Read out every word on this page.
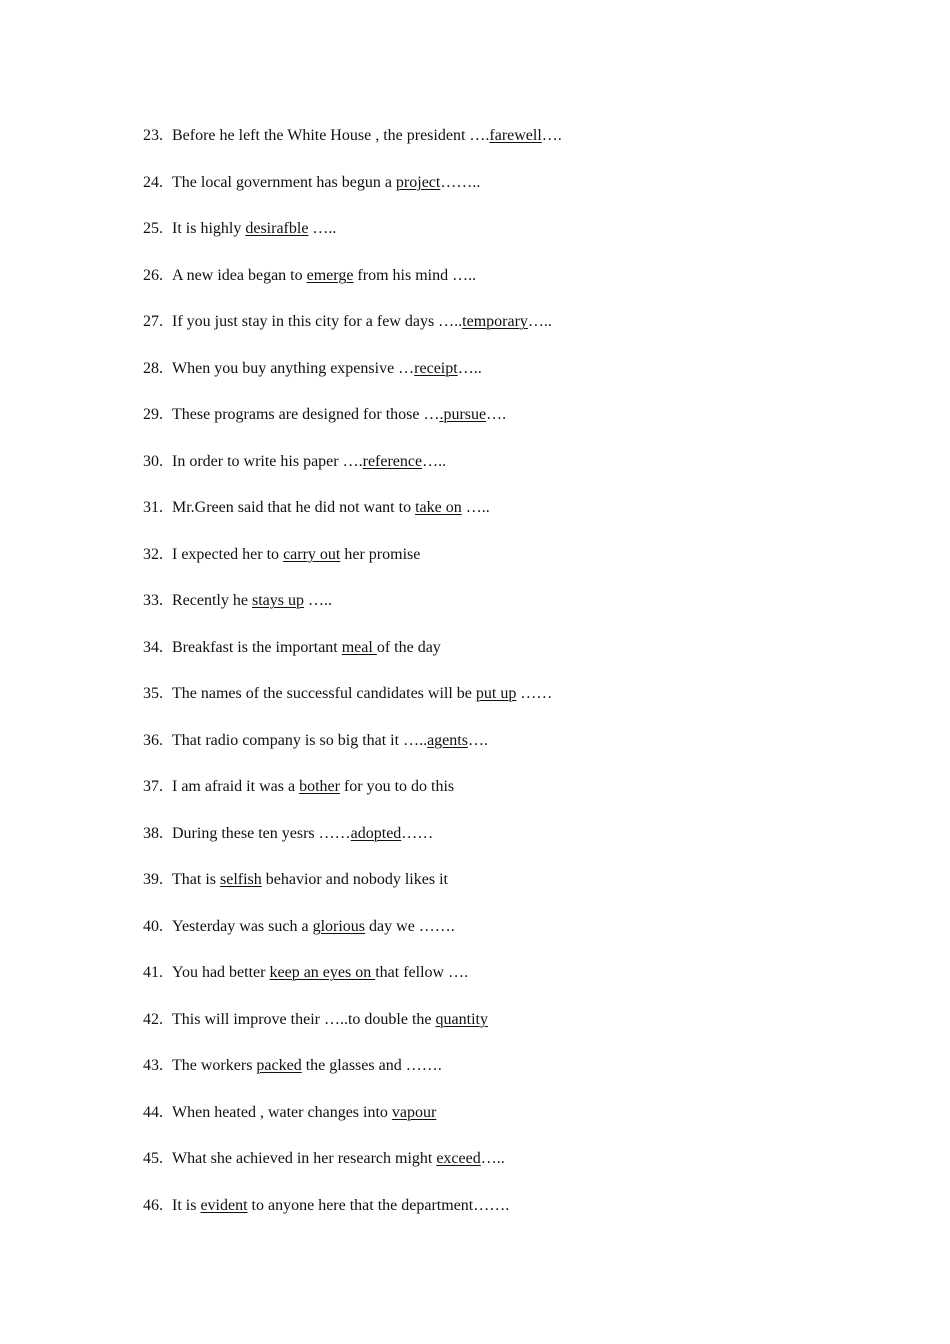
23. Before he left the White House , the president ….farewell….
24. The local government has begun a project……..
25. It is highly desirafble …..
26. A new idea began to emerge from his mind …..
27. If you just stay in this city for a few days …..temporary…..
28. When you buy anything expensive …receipt…..
29. These programs are designed for those ….pursue….
30. In order to write his paper ….reference…..
31. Mr.Green said that he did not want to take on …..
32. I expected her to carry out her promise
33. Recently he stays up …..
34. Breakfast is the important meal of the day
35. The names of the successful candidates will be put up ……
36. That radio company is so big that it …..agents….
37. I am afraid it was a bother for you to do this
38. During these ten yesrs ……adopted……
39. That is selfish behavior and nobody likes it
40. Yesterday was such a glorious day we …….
41. You had better keep an eyes on that fellow ….
42. This will improve their …..to double the quantity
43. The workers packed the glasses and …….
44. When heated , water changes into vapour
45. What she achieved in her research might exceed…..
46. It is evident to anyone here that the department…….
